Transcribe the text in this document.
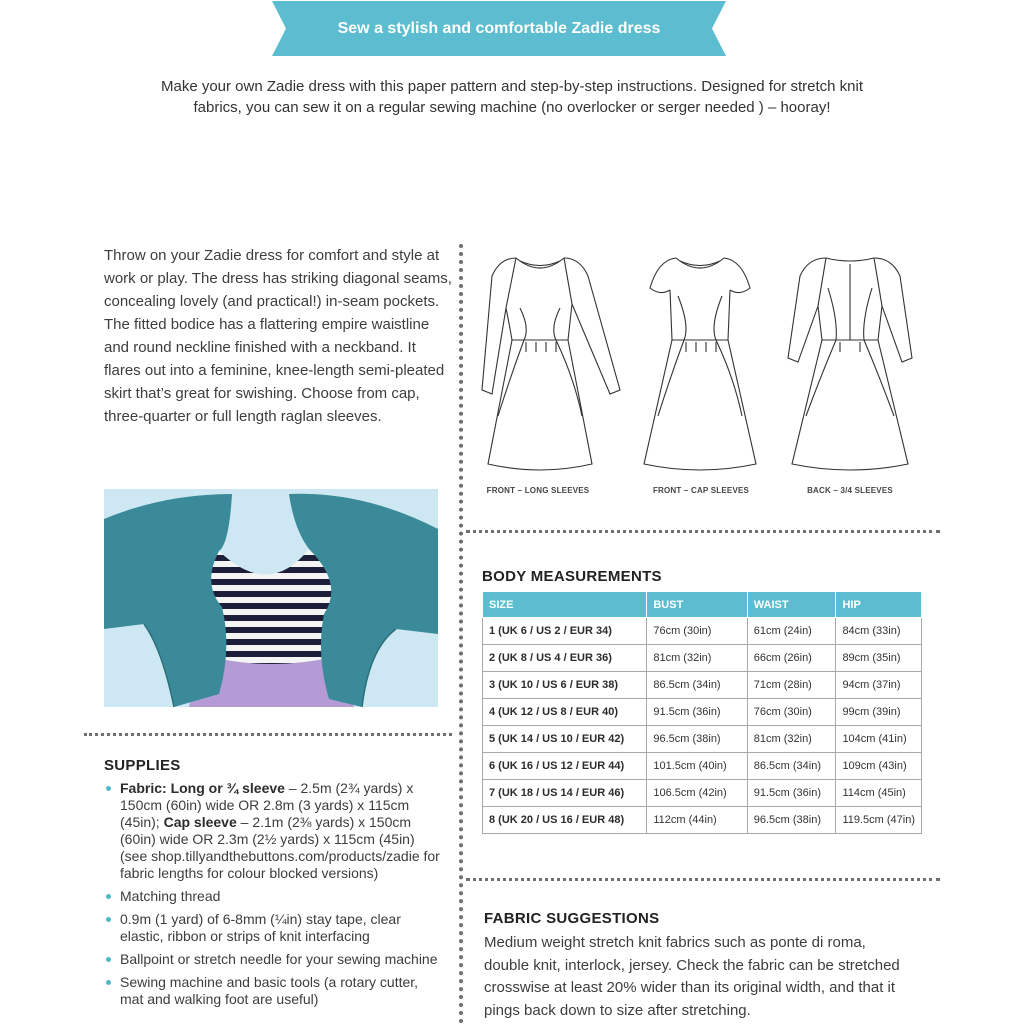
Sew a stylish and comfortable Zadie dress
Make your own Zadie dress with this paper pattern and step-by-step instructions. Designed for stretch knit fabrics, you can sew it on a regular sewing machine (no overlocker or serger needed ) – hooray!
Throw on your Zadie dress for comfort and style at work or play. The dress has striking diagonal seams, concealing lovely (and practical!) in-seam pockets. The fitted bodice has a flattering empire waistline and round neckline finished with a neckband. It flares out into a feminine, knee-length semi-pleated skirt that’s great for swishing. Choose from cap, three-quarter or full length raglan sleeves.
FRONT – LONG SLEEVES	FRONT – CAP SLEEVES	BACK – 3/4 SLEEVES
BODY MEASUREMENTS
SIZE	BUST	WAIST	HIP
1 (UK 6 / US 2 / EUR 34)	76cm (30in)	61cm (24in)	84cm (33in)
2 (UK 8 / US 4 / EUR 36)	81cm (32in)	66cm (26in)	89cm (35in)
3 (UK 10 / US 6 / EUR 38)	86.5cm (34in)	71cm (28in)	94cm (37in)
4 (UK 12 / US 8 / EUR 40)	91.5cm (36in)	76cm (30in)	99cm (39in)
5 (UK 14 / US 10 / EUR 42)	96.5cm (38in)	81cm (32in)	104cm (41in)
6 (UK 16 / US 12 / EUR 44)	101.5cm (40in)	86.5cm (34in)	109cm (43in)
7 (UK 18 / US 14 / EUR 46)	106.5cm (42in)	91.5cm (36in)	114cm (45in)
8 (UK 20 / US 16 / EUR 48)	112cm (44in)	96.5cm (38in)	119.5cm (47in)
SUPPLIES
Fabric: Long or ¾ sleeve – 2.5m (2¾ yards) x 150cm (60in) wide OR 2.8m (3 yards) x 115cm (45in); Cap sleeve – 2.1m (2⅜ yards) x 150cm (60in) wide OR 2.3m (2½ yards) x 115cm (45in) (see shop.tillyandthebuttons.com/products/zadie for fabric lengths for colour blocked versions)
Matching thread
0.9m (1 yard) of 6-8mm (¼in) stay tape, clear elastic, ribbon or strips of knit interfacing
Ballpoint or stretch needle for your sewing machine
Sewing machine and basic tools (a rotary cutter, mat and walking foot are useful)
FABRIC SUGGESTIONS
Medium weight stretch knit fabrics such as ponte di roma, double knit, interlock, jersey. Check the fabric can be stretched crosswise at least 20% wider than its original width, and that it pings back down to size after stretching.
